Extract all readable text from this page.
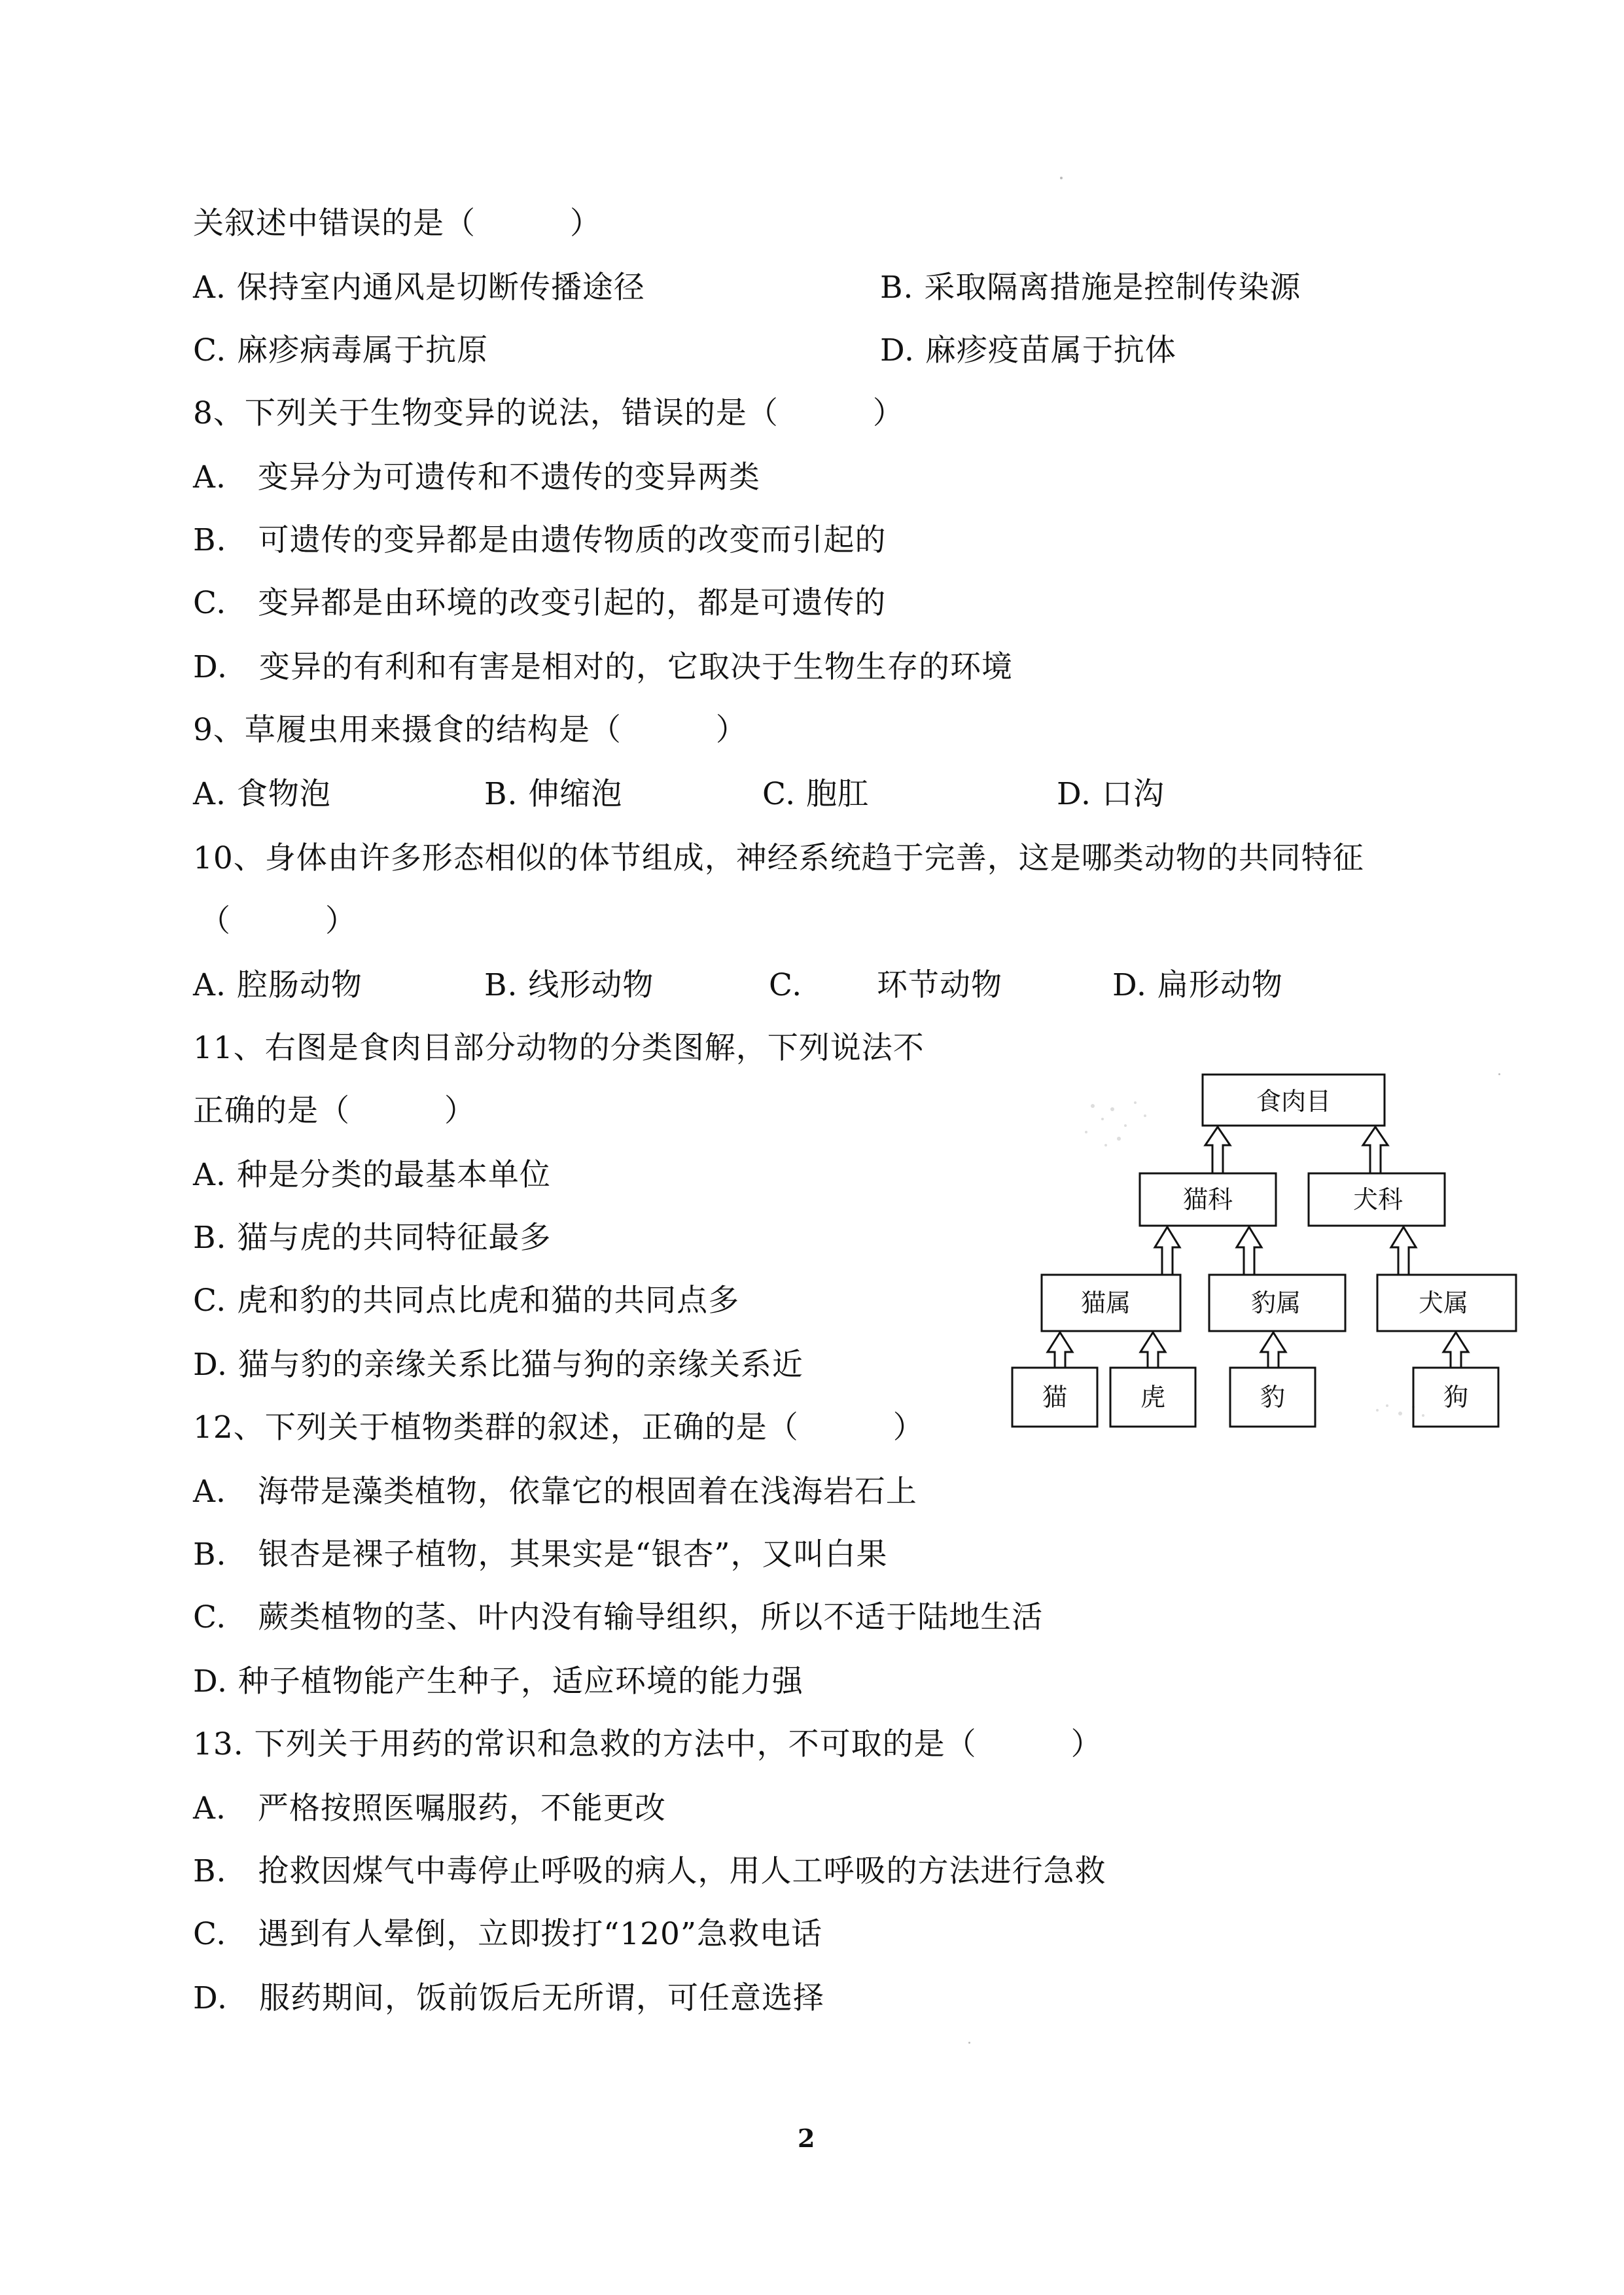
关叙述中错误的是（　　　）
A. 保持室内通风是切断传播途径	B. 采取隔离措施是控制传染源
C. 麻疹病毒属于抗原	D. 麻疹疫苗属于抗体
8、下列关于生物变异的说法，错误的是（　　　）
A.　变异分为可遗传和不遗传的变异两类
B.　可遗传的变异都是由遗传物质的改变而引起的
C.　变异都是由环境的改变引起的，都是可遗传的
D.　变异的有利和有害是相对的，它取决于生物生存的环境
9、草履虫用来摄食的结构是（　　　）
A. 食物泡	B. 伸缩泡	C. 胞肛	D. 口沟
10、身体由许多形态相似的体节组成，神经系统趋于完善，这是哪类动物的共同特征
（　　　）
A. 腔肠动物	B. 线形动物	C. 环节动物	D. 扁形动物
11、右图是食肉目部分动物的分类图解，下列说法不
正确的是（　　　）
A. 种是分类的最基本单位
B. 猫与虎的共同特征最多
C. 虎和豹的共同点比虎和猫的共同点多
D. 猫与豹的亲缘关系比猫与狗的亲缘关系近
食肉目
猫科	犬科
猫属	豹属	犬属
猫	虎	豹	狗
12、下列关于植物类群的叙述，正确的是（　　　）
A.　海带是藻类植物，依靠它的根固着在浅海岩石上
B.　银杏是裸子植物，其果实是“银杏”，又叫白果
C.　蕨类植物的茎、叶内没有输导组织，所以不适于陆地生活
D. 种子植物能产生种子，适应环境的能力强
13. 下列关于用药的常识和急救的方法中，不可取的是（　　　）
A.　严格按照医嘱服药，不能更改
B.　抢救因煤气中毒停止呼吸的病人，用人工呼吸的方法进行急救
C.　遇到有人晕倒，立即拨打“120”急救电话
D.　服药期间，饭前饭后无所谓，可任意选择
2
